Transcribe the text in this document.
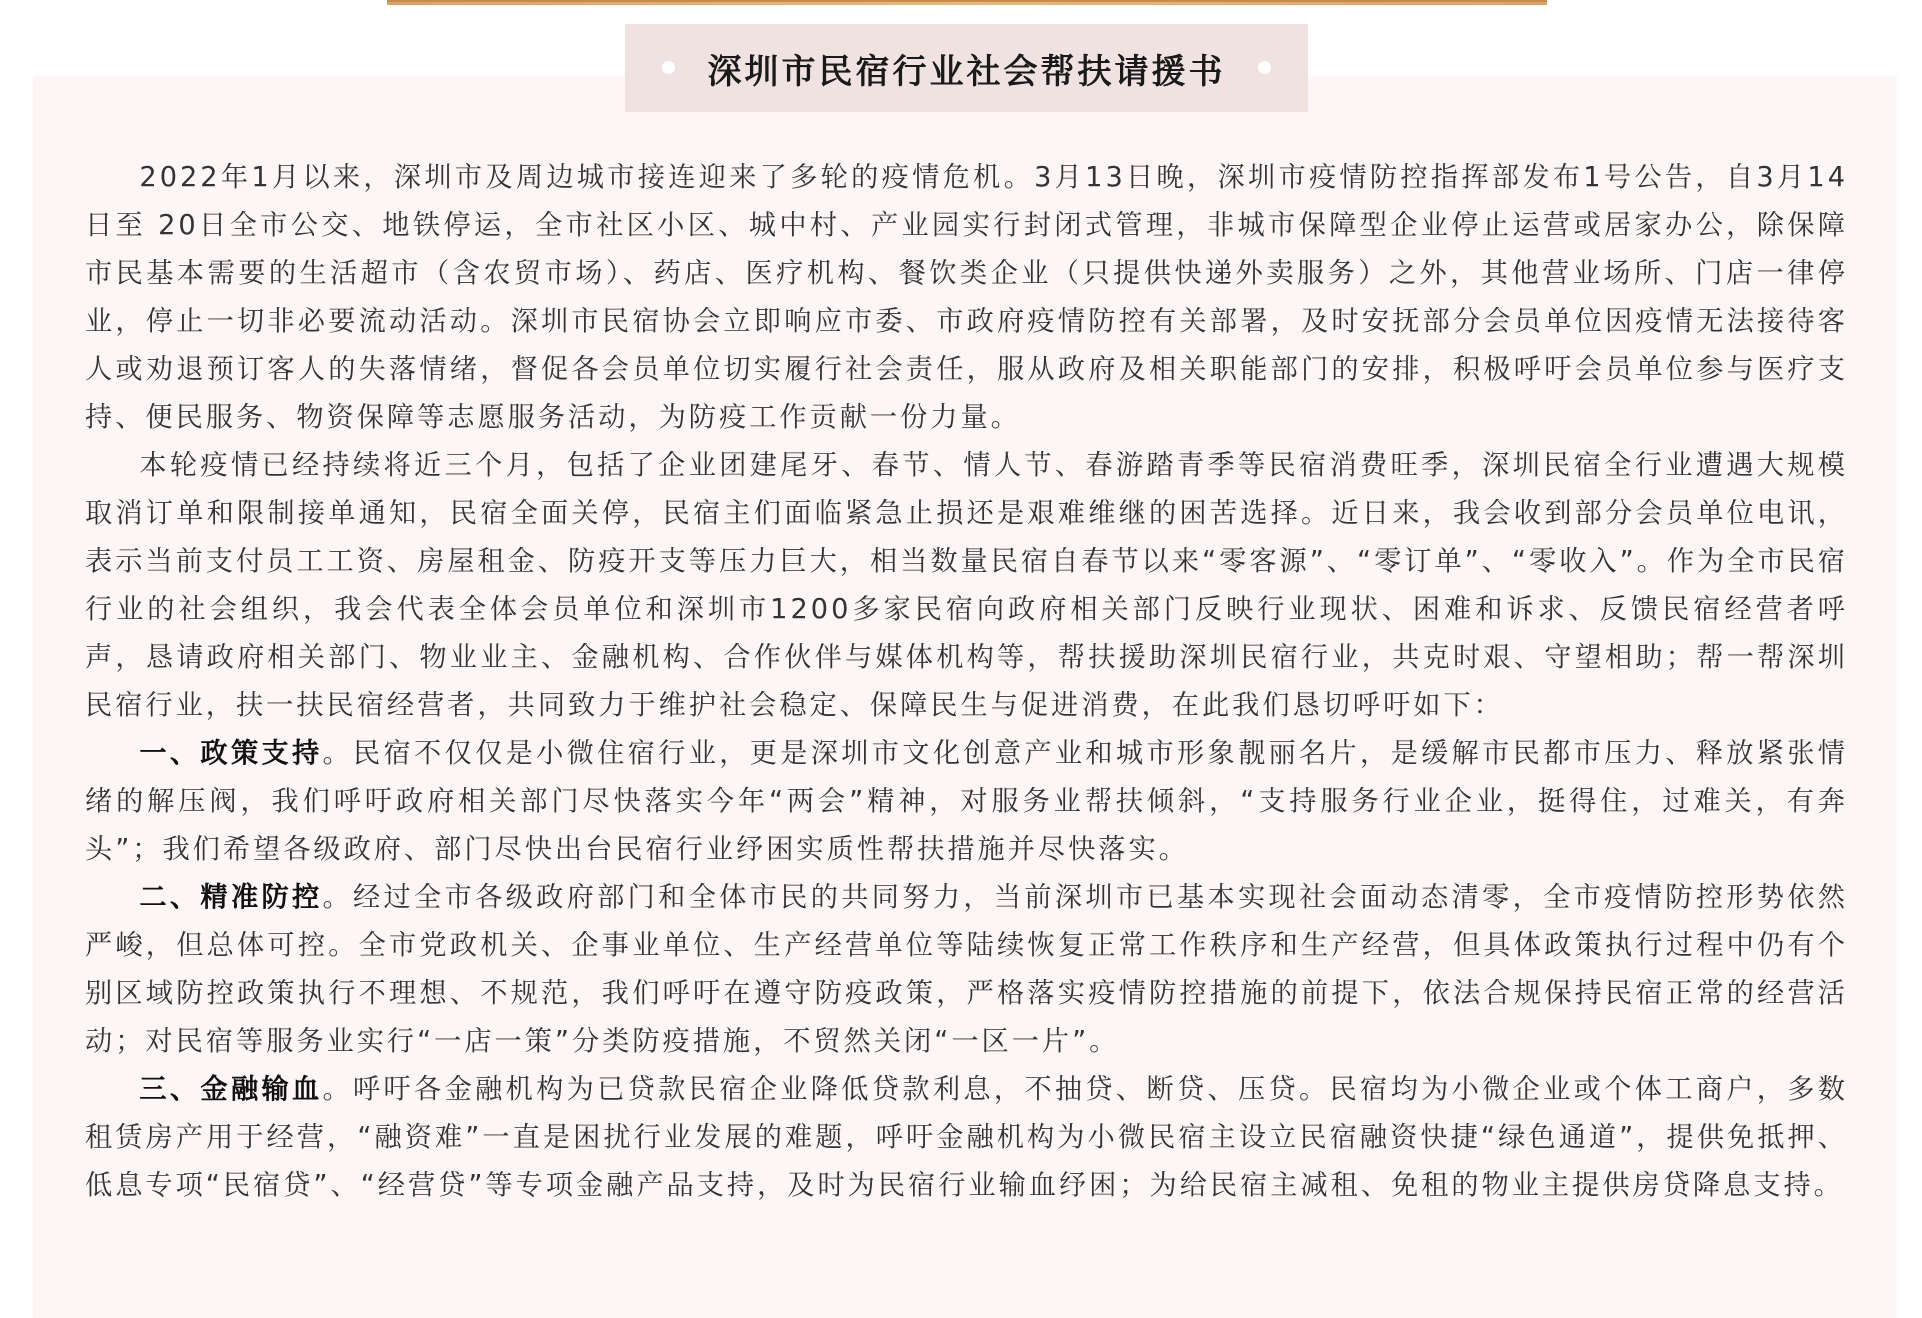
深圳市民宿行业社会帮扶请援书

2022年1月以来，深圳市及周边城市接连迎来了多轮的疫情危机。3月13日晚，深圳市疫情防控指挥部发布1号公告，自3月14日至 20日全市公交、地铁停运，全市社区小区、城中村、产业园实行封闭式管理，非城市保障型企业停止运营或居家办公，除保障市民基本需要的生活超市（含农贸市场）、药店、医疗机构、餐饮类企业（只提供快递外卖服务）之外，其他营业场所、门店一律停业，停止一切非必要流动活动。深圳市民宿协会立即响应市委、市政府疫情防控有关部署，及时安抚部分会员单位因疫情无法接待客人或劝退预订客人的失落情绪，督促各会员单位切实履行社会责任，服从政府及相关职能部门的安排，积极呼吁会员单位参与医疗支持、便民服务、物资保障等志愿服务活动，为防疫工作贡献一份力量。

本轮疫情已经持续将近三个月，包括了企业团建尾牙、春节、情人节、春游踏青季等民宿消费旺季，深圳民宿全行业遭遇大规模取消订单和限制接单通知，民宿全面关停，民宿主们面临紧急止损还是艰难维继的困苦选择。近日来，我会收到部分会员单位电讯，表示当前支付员工工资、房屋租金、防疫开支等压力巨大，相当数量民宿自春节以来“零客源”、“零订单”、“零收入”。作为全市民宿行业的社会组织，我会代表全体会员单位和深圳市1200多家民宿向政府相关部门反映行业现状、困难和诉求、反馈民宿经营者呼声，恳请政府相关部门、物业业主、金融机构、合作伙伴与媒体机构等，帮扶援助深圳民宿行业，共克时艰、守望相助；帮一帮深圳民宿行业，扶一扶民宿经营者，共同致力于维护社会稳定、保障民生与促进消费，在此我们恳切呼吁如下：

一、政策支持。民宿不仅仅是小微住宿行业，更是深圳市文化创意产业和城市形象靓丽名片，是缓解市民都市压力、释放紧张情绪的解压阀，我们呼吁政府相关部门尽快落实今年“两会”精神，对服务业帮扶倾斜，“支持服务行业企业，挺得住，过难关，有奔头”；我们希望各级政府、部门尽快出台民宿行业纾困实质性帮扶措施并尽快落实。

二、精准防控。经过全市各级政府部门和全体市民的共同努力，当前深圳市已基本实现社会面动态清零，全市疫情防控形势依然严峻，但总体可控。全市党政机关、企事业单位、生产经营单位等陆续恢复正常工作秩序和生产经营，但具体政策执行过程中仍有个别区域防控政策执行不理想、不规范，我们呼吁在遵守防疫政策，严格落实疫情防控措施的前提下，依法合规保持民宿正常的经营活动；对民宿等服务业实行“一店一策”分类防疫措施，不贸然关闭“一区一片”。

三、金融输血。呼吁各金融机构为已贷款民宿企业降低贷款利息，不抽贷、断贷、压贷。民宿均为小微企业或个体工商户，多数租赁房产用于经营，“融资难”一直是困扰行业发展的难题，呼吁金融机构为小微民宿主设立民宿融资快捷“绿色通道”，提供免抵押、低息专项“民宿贷”、“经营贷”等专项金融产品支持，及时为民宿行业输血纾困；为给民宿主减租、免租的物业主提供房贷降息支持。
